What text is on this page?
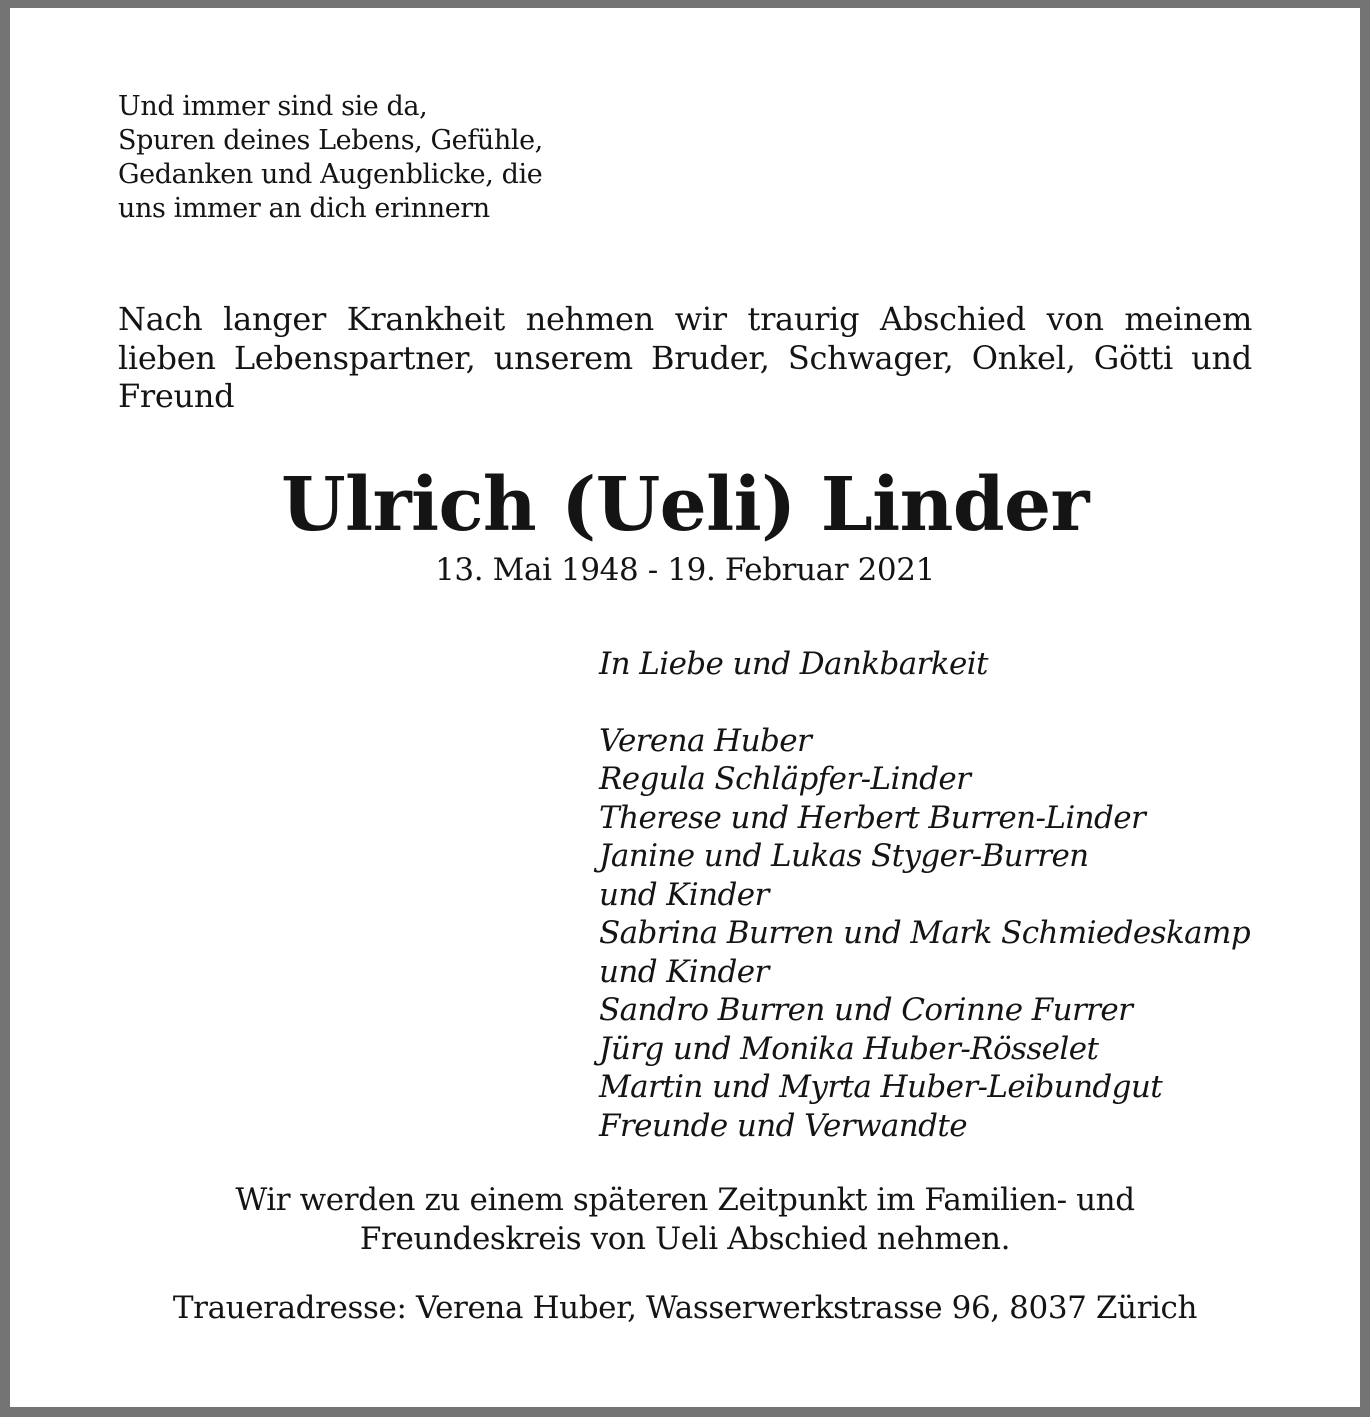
Und immer sind sie da,
Spuren deines Lebens, Gefühle,
Gedanken und Augenblicke, die
uns immer an dich erinnern
Nach langer Krankheit nehmen wir traurig Abschied von meinem lieben Lebenspartner, unserem Bruder, Schwager, Onkel, Götti und Freund
Ulrich (Ueli) Linder
13. Mai 1948 - 19. Februar 2021
In Liebe und Dankbarkeit
Verena Huber
Regula Schläpfer-Linder
Therese und Herbert Burren-Linder
Janine und Lukas Styger-Burren
und Kinder
Sabrina Burren und Mark Schmiedeskamp
und Kinder
Sandro Burren und Corinne Furrer
Jürg und Monika Huber-Rösselet
Martin und Myrta Huber-Leibundgut
Freunde und Verwandte
Wir werden zu einem späteren Zeitpunkt im Familien- und
Freundeskreis von Ueli Abschied nehmen.
Traueradresse: Verena Huber, Wasserwerkstrasse 96, 8037 Zürich
